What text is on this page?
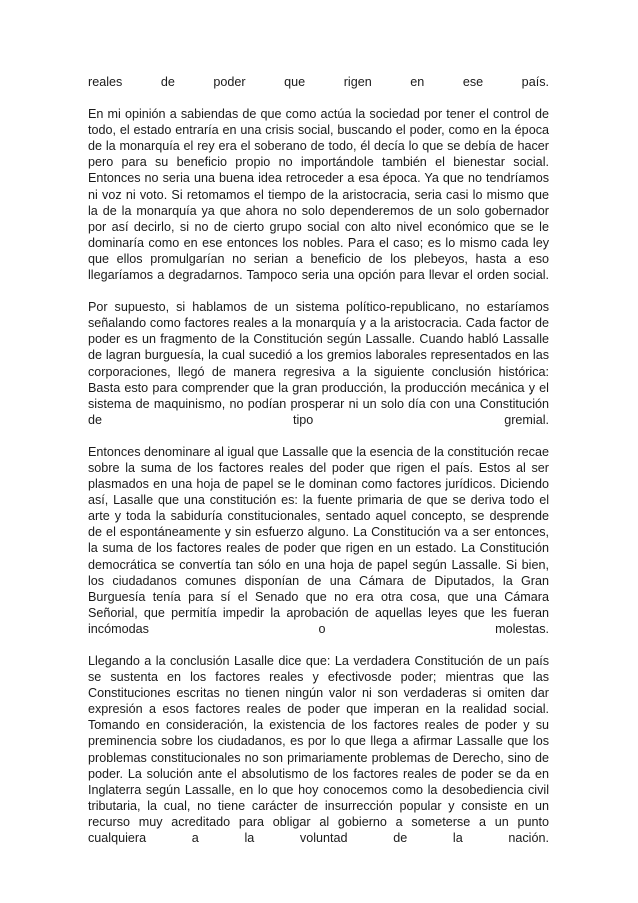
reales de poder que rigen en ese país.

En mi opinión a sabiendas de que como actúa la sociedad por tener el control de todo, el estado entraría en una crisis social, buscando el poder, como en la época de la monarquía el rey era el soberano de todo, él decía lo que se debía de hacer pero para su beneficio propio no importándole también el bienestar social. Entonces no seria una buena idea retroceder a esa época. Ya que no tendríamos ni voz ni voto. Si retomamos el tiempo de la aristocracia, seria casi lo mismo que la de la monarquía ya que ahora no solo dependeremos de un solo gobernador por así decirlo, si no de cierto grupo social con alto nivel económico que se le dominaría como en ese entonces los nobles. Para el caso; es lo mismo cada ley que ellos promulgarían no serian a beneficio de los plebeyos, hasta a eso llegaríamos a degradarnos. Tampoco seria una opción para llevar el orden social.

Por supuesto, si hablamos de un sistema político-republicano, no estaríamos señalando como factores reales a la monarquía y a la aristocracia. Cada factor de poder es un fragmento de la Constitución según Lassalle. Cuando habló Lassalle de lagran burguesía, la cual sucedió a los gremios laborales representados en las corporaciones, llegó de manera regresiva a la siguiente conclusión histórica: Basta esto para comprender que la gran producción, la producción mecánica y el sistema de maquinismo, no podían prosperar ni un solo día con una Constitución de tipo gremial.

Entonces denominare al igual que Lassalle que la esencia de la constitución recae sobre la suma de los factores reales del poder que rigen el país. Estos al ser plasmados en una hoja de papel se le dominan como factores jurídicos. Diciendo así, Lasalle que una constitución es: la fuente primaria de que se deriva todo el arte y toda la sabiduría constitucionales, sentado aquel concepto, se desprende de el espontáneamente y sin esfuerzo alguno. La Constitución va a ser entonces, la suma de los factores reales de poder que rigen en un estado. La Constitución democrática se convertía tan sólo en una hoja de papel según Lassalle. Si bien, los ciudadanos comunes disponían de una Cámara de Diputados, la Gran Burguesía tenía para sí el Senado que no era otra cosa, que una Cámara Señorial, que permitía impedir la aprobación de aquellas leyes que les fueran incómodas o molestas.

Llegando a la conclusión Lasalle dice que: La verdadera Constitución de un país se sustenta en los factores reales y efectivosde poder; mientras que las Constituciones escritas no tienen ningún valor ni son verdaderas si omiten dar expresión a esos factores reales de poder que imperan en la realidad social. Tomando en consideración, la existencia de los factores reales de poder y su preminencia sobre los ciudadanos, es por lo que llega a afirmar Lassalle que los problemas constitucionales no son primariamente problemas de Derecho, sino de poder. La solución ante el absolutismo de los factores reales de poder se da en Inglaterra según Lassalle, en lo que hoy conocemos como la desobediencia civil tributaria, la cual, no tiene carácter de insurrección popular y consiste en un recurso muy acreditado para obligar al gobierno a someterse a un punto cualquiera a la voluntad de la nación.
